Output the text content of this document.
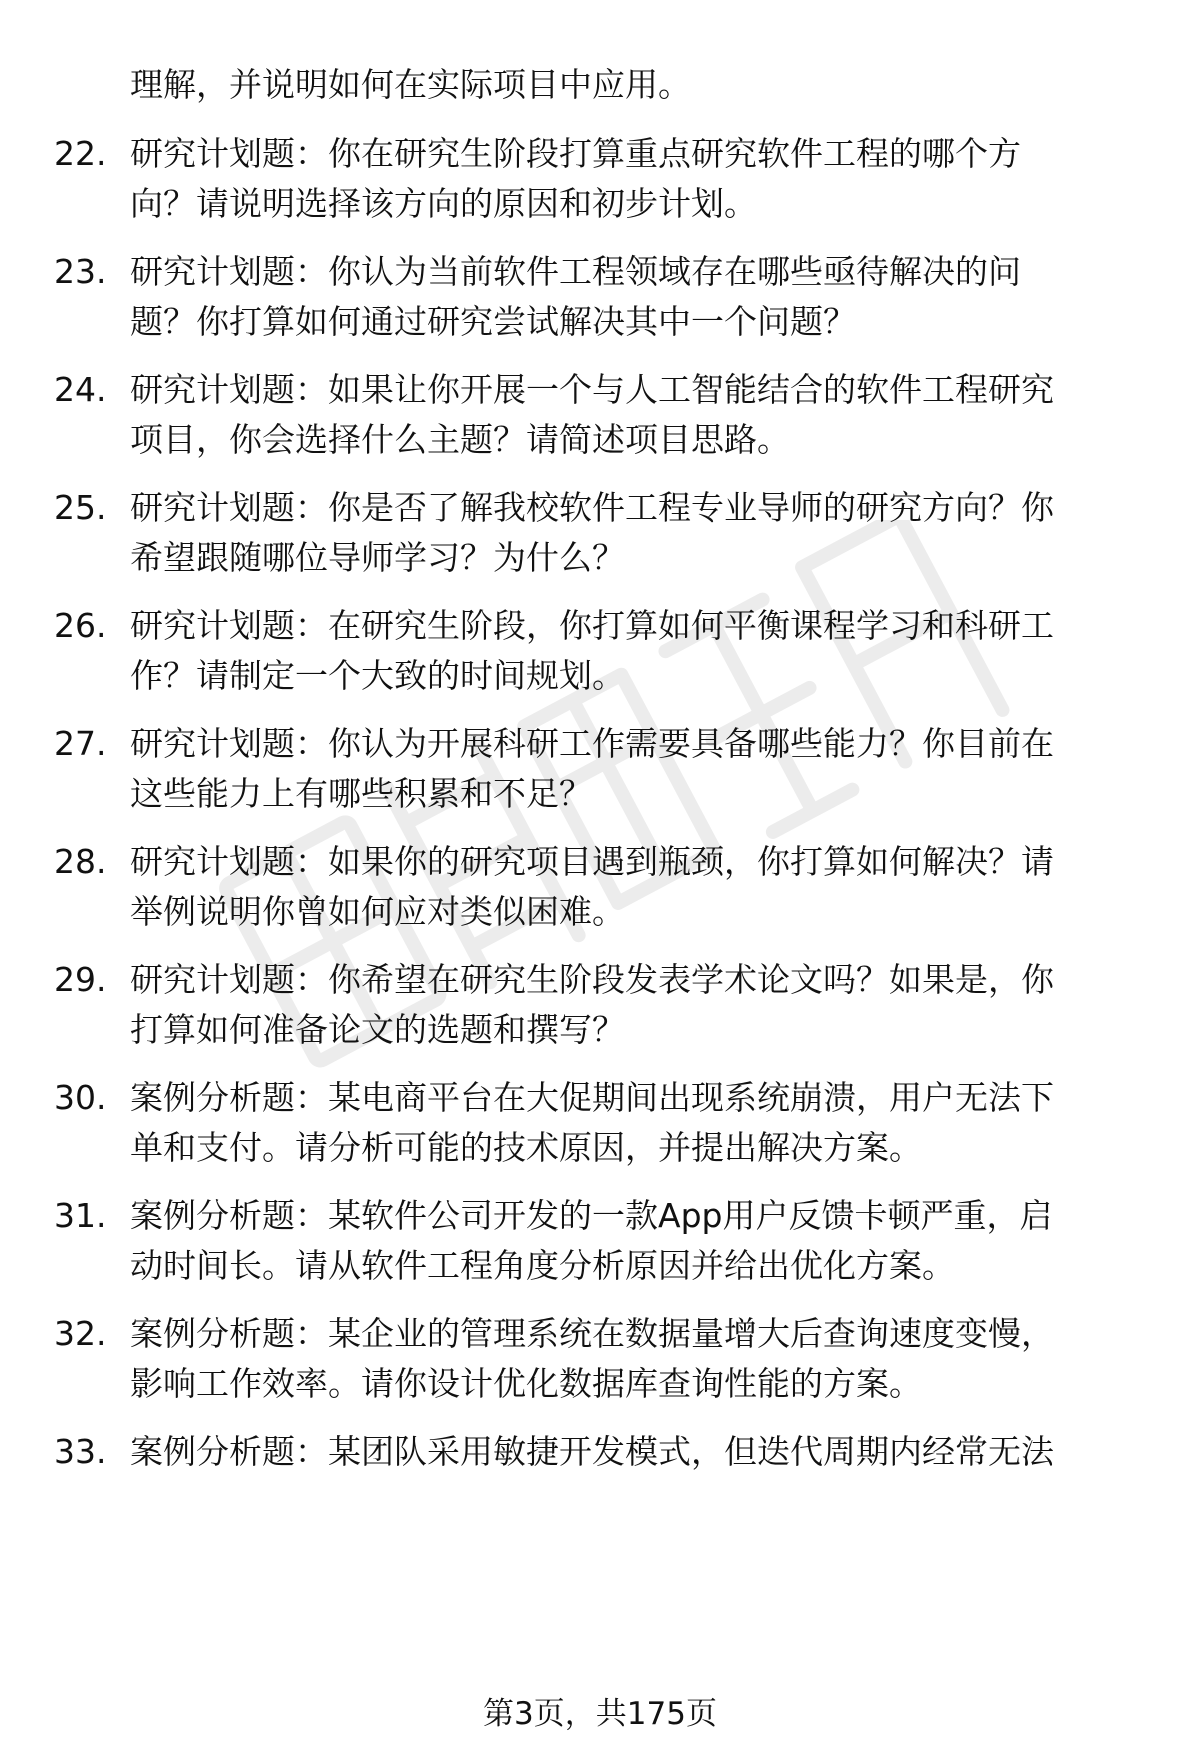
理解，并说明如何在实际项目中应用。
22. 研究计划题：你在研究生阶段打算重点研究软件工程的哪个方
向？请说明选择该方向的原因和初步计划。
23. 研究计划题：你认为当前软件工程领域存在哪些亟待解决的问
题？你打算如何通过研究尝试解决其中一个问题？
24. 研究计划题：如果让你开展一个与人工智能结合的软件工程研究
项目，你会选择什么主题？请简述项目思路。
25. 研究计划题：你是否了解我校软件工程专业导师的研究方向？你
希望跟随哪位导师学习？为什么？
26. 研究计划题：在研究生阶段，你打算如何平衡课程学习和科研工
作？请制定一个大致的时间规划。
27. 研究计划题：你认为开展科研工作需要具备哪些能力？你目前在
这些能力上有哪些积累和不足？
28. 研究计划题：如果你的研究项目遇到瓶颈，你打算如何解决？请
举例说明你曾如何应对类似困难。
29. 研究计划题：你希望在研究生阶段发表学术论文吗？如果是，你
打算如何准备论文的选题和撰写？
30. 案例分析题：某电商平台在大促期间出现系统崩溃，用户无法下
单和支付。请分析可能的技术原因，并提出解决方案。
31. 案例分析题：某软件公司开发的一款App用户反馈卡顿严重，启
动时间长。请从软件工程角度分析原因并给出优化方案。
32. 案例分析题：某企业的管理系统在数据量增大后查询速度变慢，
影响工作效率。请你设计优化数据库查询性能的方案。
33. 案例分析题：某团队采用敏捷开发模式，但迭代周期内经常无法
第3页，共175页
